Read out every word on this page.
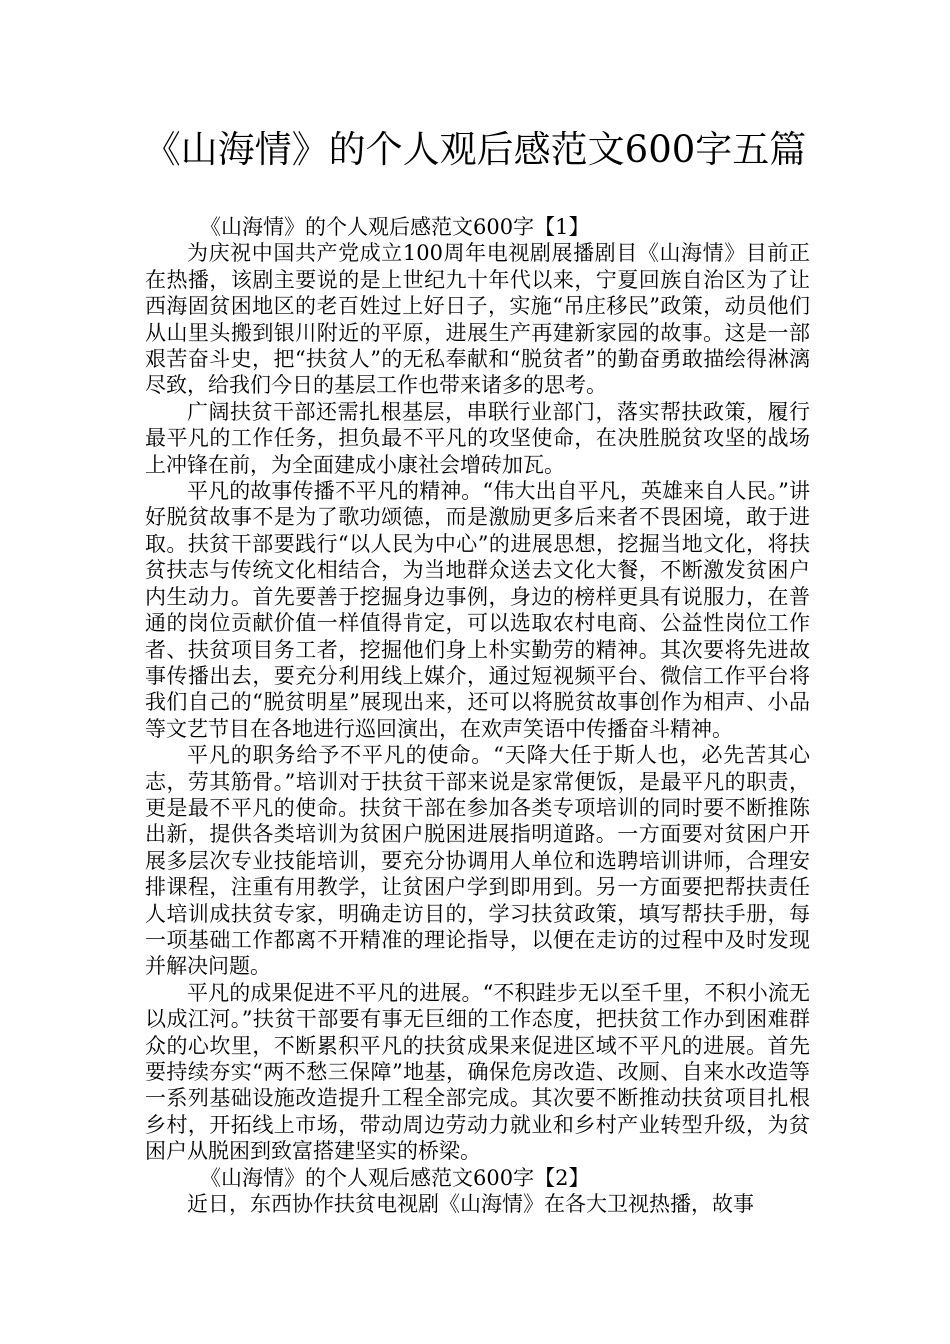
《山海情》的个人观后感范文600字五篇

《山海情》的个人观后感范文600字【1】

为庆祝中国共产党成立100周年电视剧展播剧目《山海情》目前正在热播，该剧主要说的是上世纪九十年代以来，宁夏回族自治区为了让西海固贫困地区的老百姓过上好日子，实施“吊庄移民”政策，动员他们从山里头搬到银川附近的平原，进展生产再建新家园的故事。这是一部艰苦奋斗史，把“扶贫人”的无私奉献和“脱贫者”的勤奋勇敢描绘得淋漓尽致，给我们今日的基层工作也带来诸多的思考。

广阔扶贫干部还需扎根基层，串联行业部门，落实帮扶政策，履行最平凡的工作任务，担负最不平凡的攻坚使命，在决胜脱贫攻坚的战场上冲锋在前，为全面建成小康社会增砖加瓦。

平凡的故事传播不平凡的精神。“伟大出自平凡，英雄来自人民。”讲好脱贫故事不是为了歌功颂德，而是激励更多后来者不畏困境，敢于进取。扶贫干部要践行“以人民为中心”的进展思想，挖掘当地文化，将扶贫扶志与传统文化相结合，为当地群众送去文化大餐，不断激发贫困户内生动力。首先要善于挖掘身边事例，身边的榜样更具有说服力，在普通的岗位贡献价值一样值得肯定，可以选取农村电商、公益性岗位工作者、扶贫项目务工者，挖掘他们身上朴实勤劳的精神。其次要将先进故事传播出去，要充分利用线上媒介，通过短视频平台、微信工作平台将我们自己的“脱贫明星”展现出来，还可以将脱贫故事创作为相声、小品等文艺节目在各地进行巡回演出，在欢声笑语中传播奋斗精神。

平凡的职务给予不平凡的使命。“天降大任于斯人也，必先苦其心志，劳其筋骨。”培训对于扶贫干部来说是家常便饭，是最平凡的职责，更是最不平凡的使命。扶贫干部在参加各类专项培训的同时要不断推陈出新，提供各类培训为贫困户脱困进展指明道路。一方面要对贫困户开展多层次专业技能培训，要充分协调用人单位和选聘培训讲师，合理安排课程，注重有用教学，让贫困户学到即用到。另一方面要把帮扶责任人培训成扶贫专家，明确走访目的，学习扶贫政策，填写帮扶手册，每一项基础工作都离不开精准的理论指导，以便在走访的过程中及时发现并解决问题。

平凡的成果促进不平凡的进展。“不积跬步无以至千里，不积小流无以成江河。”扶贫干部要有事无巨细的工作态度，把扶贫工作办到困难群众的心坎里，不断累积平凡的扶贫成果来促进区域不平凡的进展。首先要持续夯实“两不愁三保障”地基，确保危房改造、改厕、自来水改造等一系列基础设施改造提升工程全部完成。其次要不断推动扶贫项目扎根乡村，开拓线上市场，带动周边劳动力就业和乡村产业转型升级，为贫困户从脱困到致富搭建坚实的桥梁。

《山海情》的个人观后感范文600字【2】

近日，东西协作扶贫电视剧《山海情》在各大卫视热播，故事
